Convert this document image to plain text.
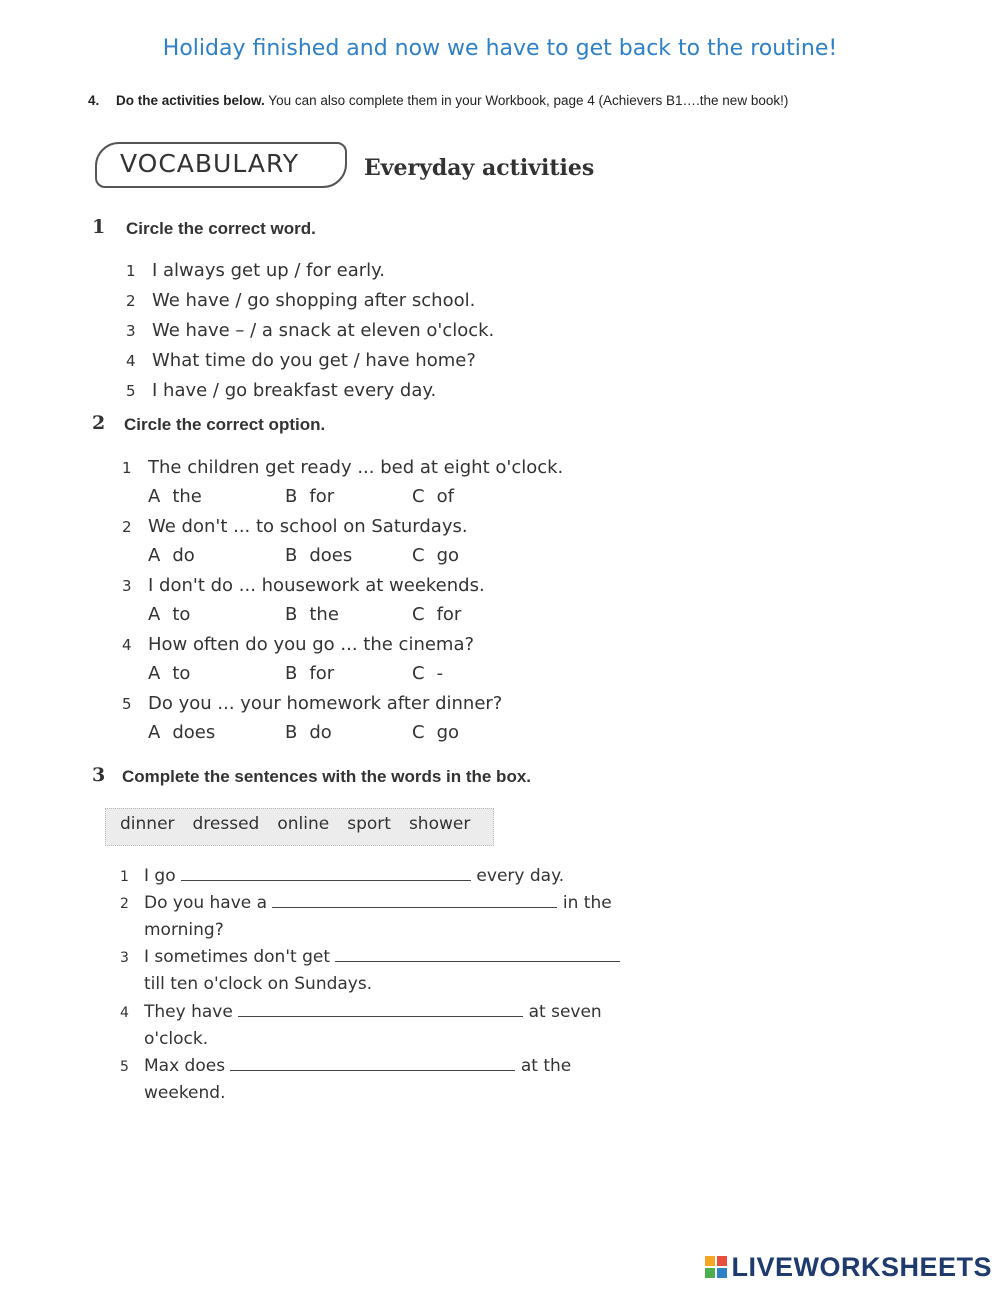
Holiday finished and now we have to get back to the routine!
4. Do the activities below. You can also complete them in your Workbook, page 4 (Achievers B1….the new book!)
VOCABULARY	Everyday activities
1 Circle the correct word.
1 I always get up / for early.
2 We have / go shopping after school.
3 We have – / a snack at eleven o'clock.
4 What time do you get / have home?
5 I have / go breakfast every day.
2 Circle the correct option.
1 The children get ready ... bed at eight o'clock.
A the	B for	C of
2 We don't ... to school on Saturdays.
A do	B does	C go
3 I don't do ... housework at weekends.
A to	B the	C for
4 How often do you go ... the cinema?
A to	B for	C -
5 Do you ... your homework after dinner?
A does	B do	C go
3 Complete the sentences with the words in the box.
dinner dressed online sport shower
1 I go	every day.
2 Do you have a	in the
morning?
3 I sometimes don't get
till ten o'clock on Sundays.
4 They have	at seven
o'clock.
5 Max does	at the
weekend.
LIVEWORKSHEETS
